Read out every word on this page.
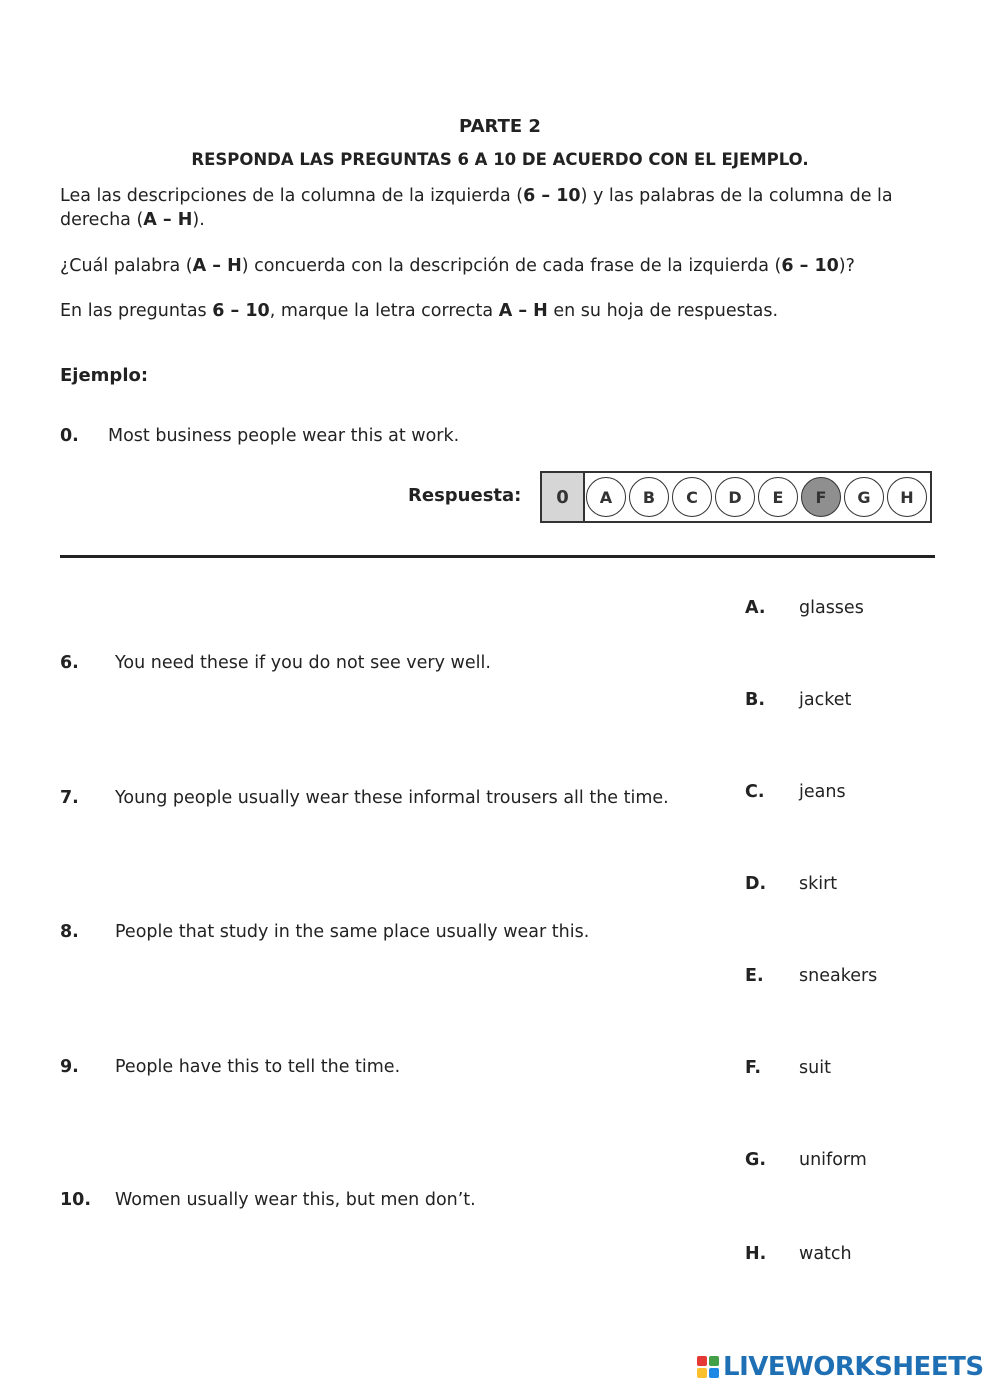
PARTE 2
RESPONDA LAS PREGUNTAS 6 A 10 DE ACUERDO CON EL EJEMPLO.
Lea las descripciones de la columna de la izquierda (6 – 10) y las palabras de la columna de la derecha (A – H).
¿Cuál palabra (A – H) concuerda con la descripción de cada frase de la izquierda (6 – 10)?
En las preguntas 6 – 10, marque la letra correcta A – H en su hoja de respuestas.
Ejemplo:
0. Most business people wear this at work.
Respuesta:	0	A	B	C	D	E	F	G	H
6. You need these if you do not see very well.
7. Young people usually wear these informal trousers all the time.
8. People that study in the same place usually wear this.
9. People have this to tell the time.
10. Women usually wear this, but men don’t.
A. glasses
B. jacket
C. jeans
D. skirt
E. sneakers
F. suit
G. uniform
H. watch
LIVEWORKSHEETS
